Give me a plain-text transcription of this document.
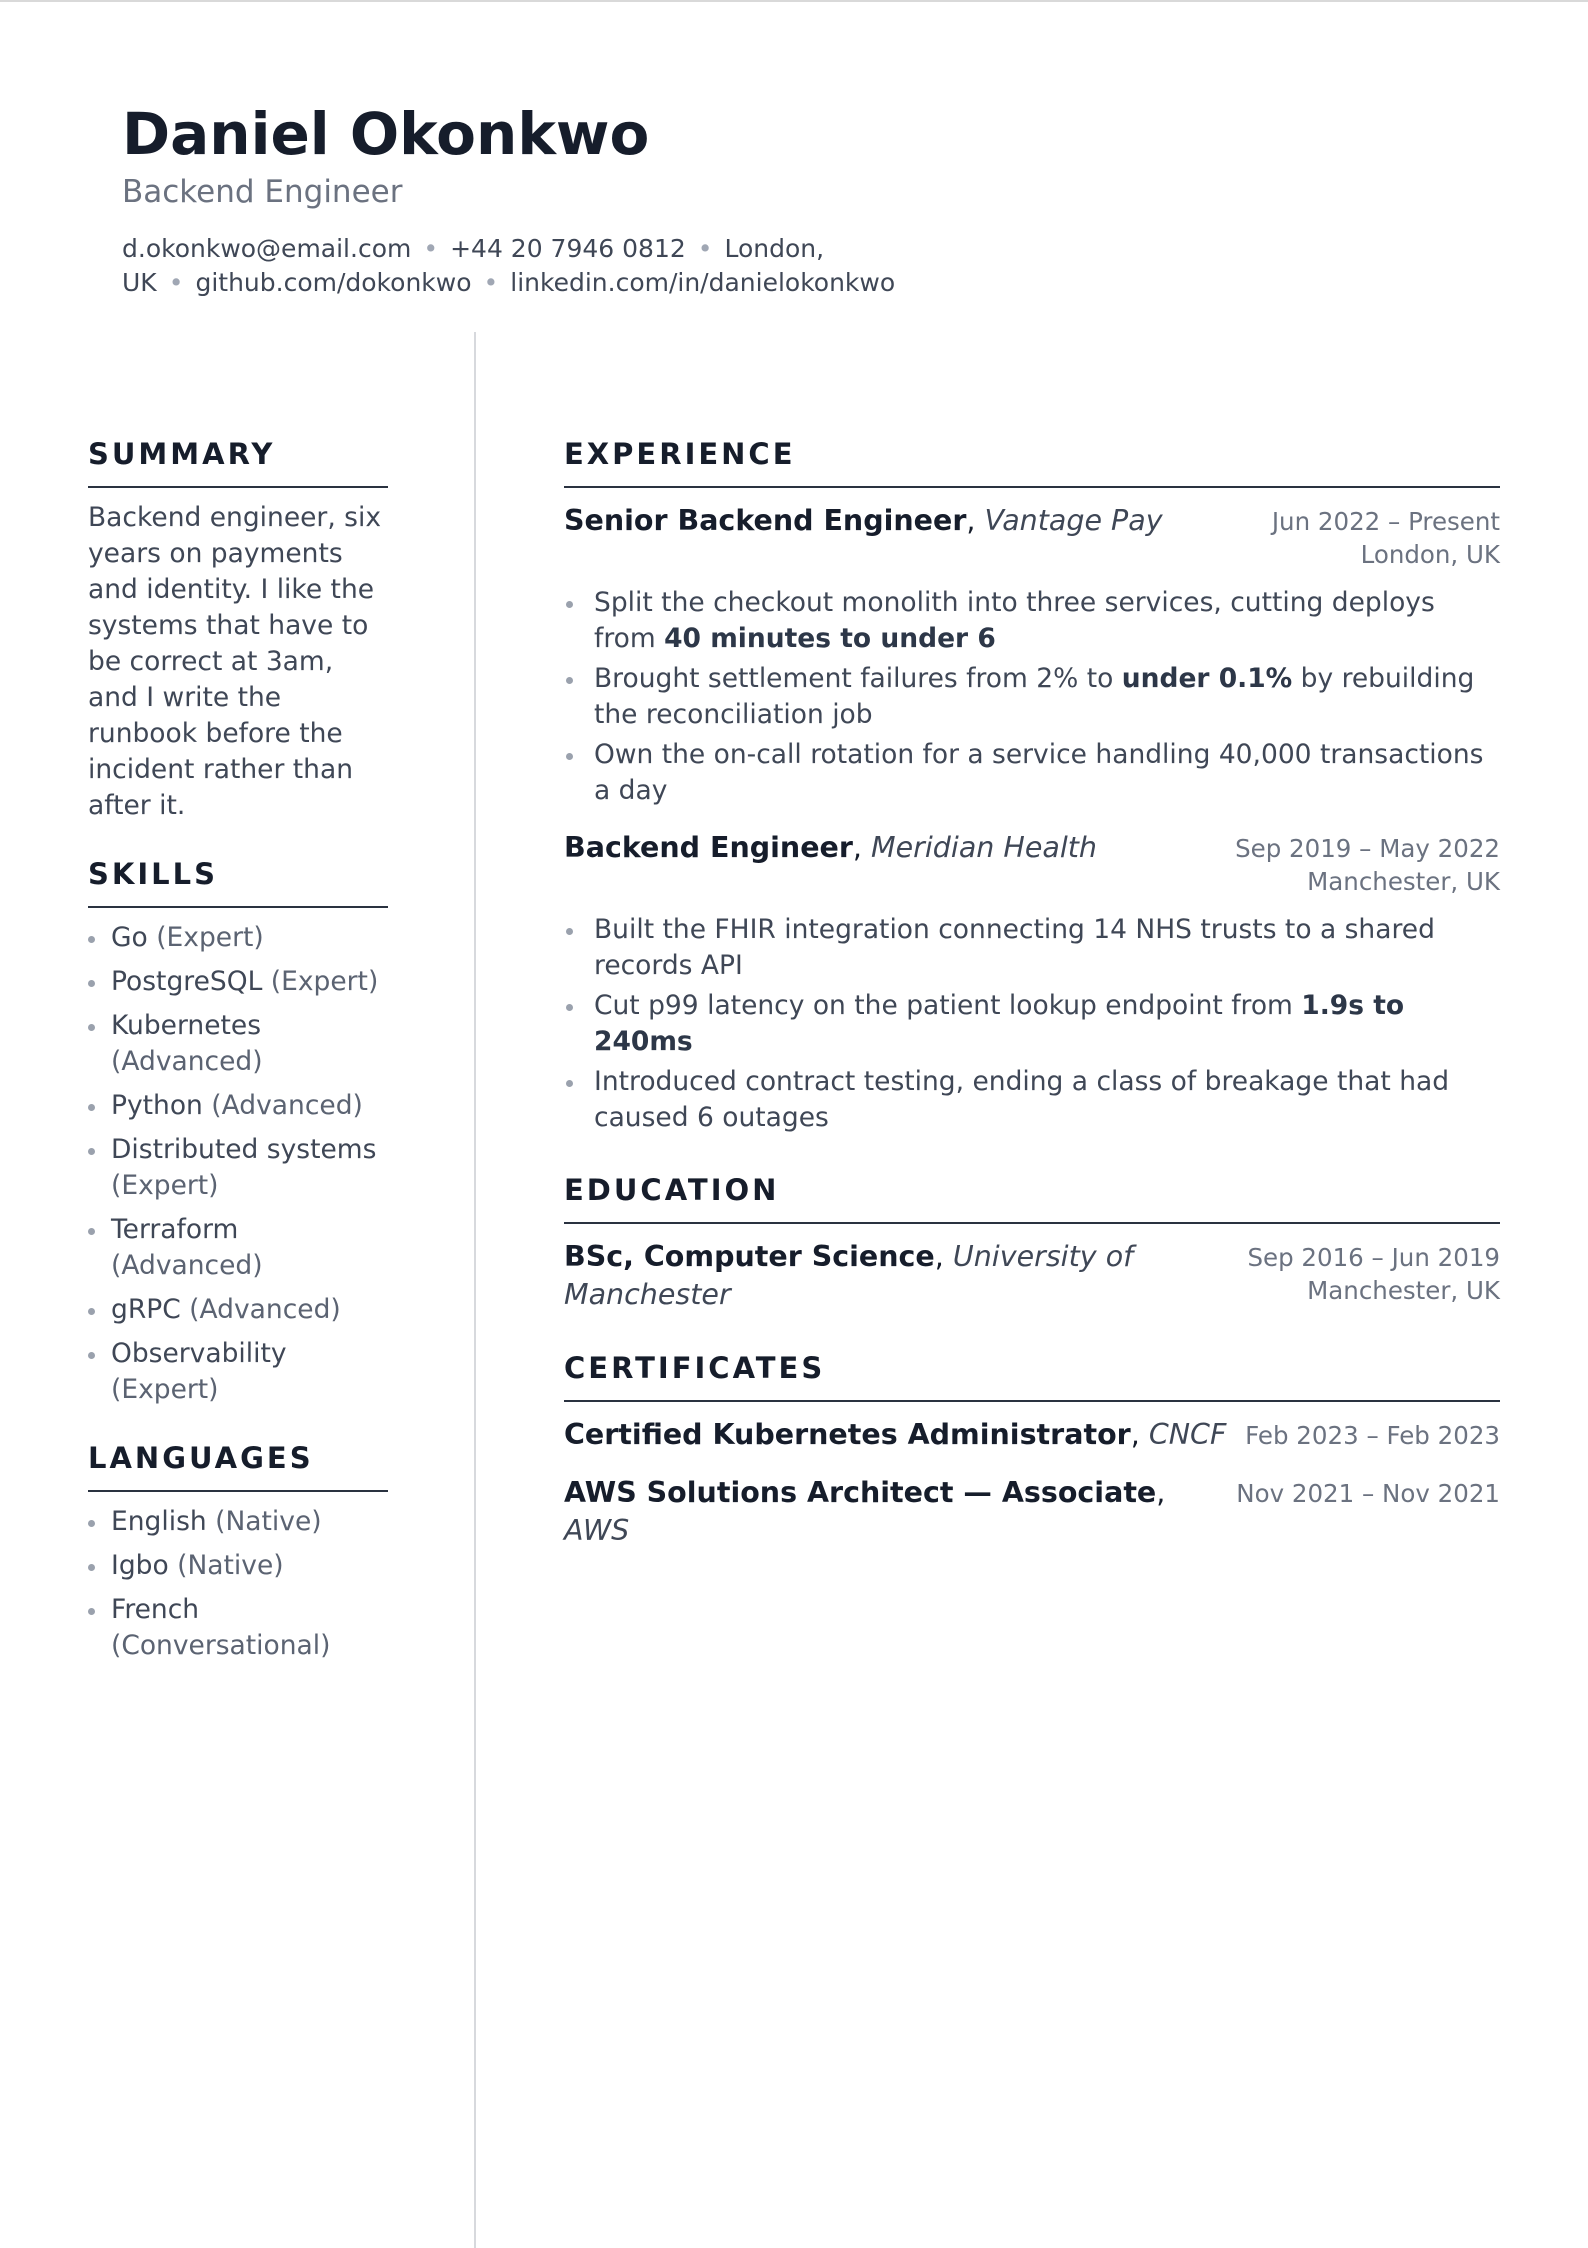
Daniel Okonkwo
Backend Engineer
d.okonkwo@email.com • +44 20 7946 0812 • London, UK • github.com/dokonkwo • linkedin.com/in/danielokonkwo
SUMMARY
Backend engineer, six years on payments and identity. I like the systems that have to be correct at 3am, and I write the runbook before the incident rather than after it.
SKILLS
Go (Expert)
PostgreSQL (Expert)
Kubernetes (Advanced)
Python (Advanced)
Distributed systems (Expert)
Terraform (Advanced)
gRPC (Advanced)
Observability (Expert)
LANGUAGES
English (Native)
Igbo (Native)
French (Conversational)
EXPERIENCE
Senior Backend Engineer, Vantage Pay	Jun 2022 – Present
London, UK
Split the checkout monolith into three services, cutting deploys from 40 minutes to under 6
Brought settlement failures from 2% to under 0.1% by rebuilding the reconciliation job
Own the on-call rotation for a service handling 40,000 transactions a day
Backend Engineer, Meridian Health	Sep 2019 – May 2022
Manchester, UK
Built the FHIR integration connecting 14 NHS trusts to a shared records API
Cut p99 latency on the patient lookup endpoint from 1.9s to 240ms
Introduced contract testing, ending a class of breakage that had caused 6 outages
EDUCATION
BSc, Computer Science, University of Manchester
Sep 2016 – Jun 2019
Manchester, UK
CERTIFICATES
Certified Kubernetes Administrator, CNCF Feb 2023 – Feb 2023
AWS Solutions Architect — Associate, AWS
Nov 2021 – Nov 2021
